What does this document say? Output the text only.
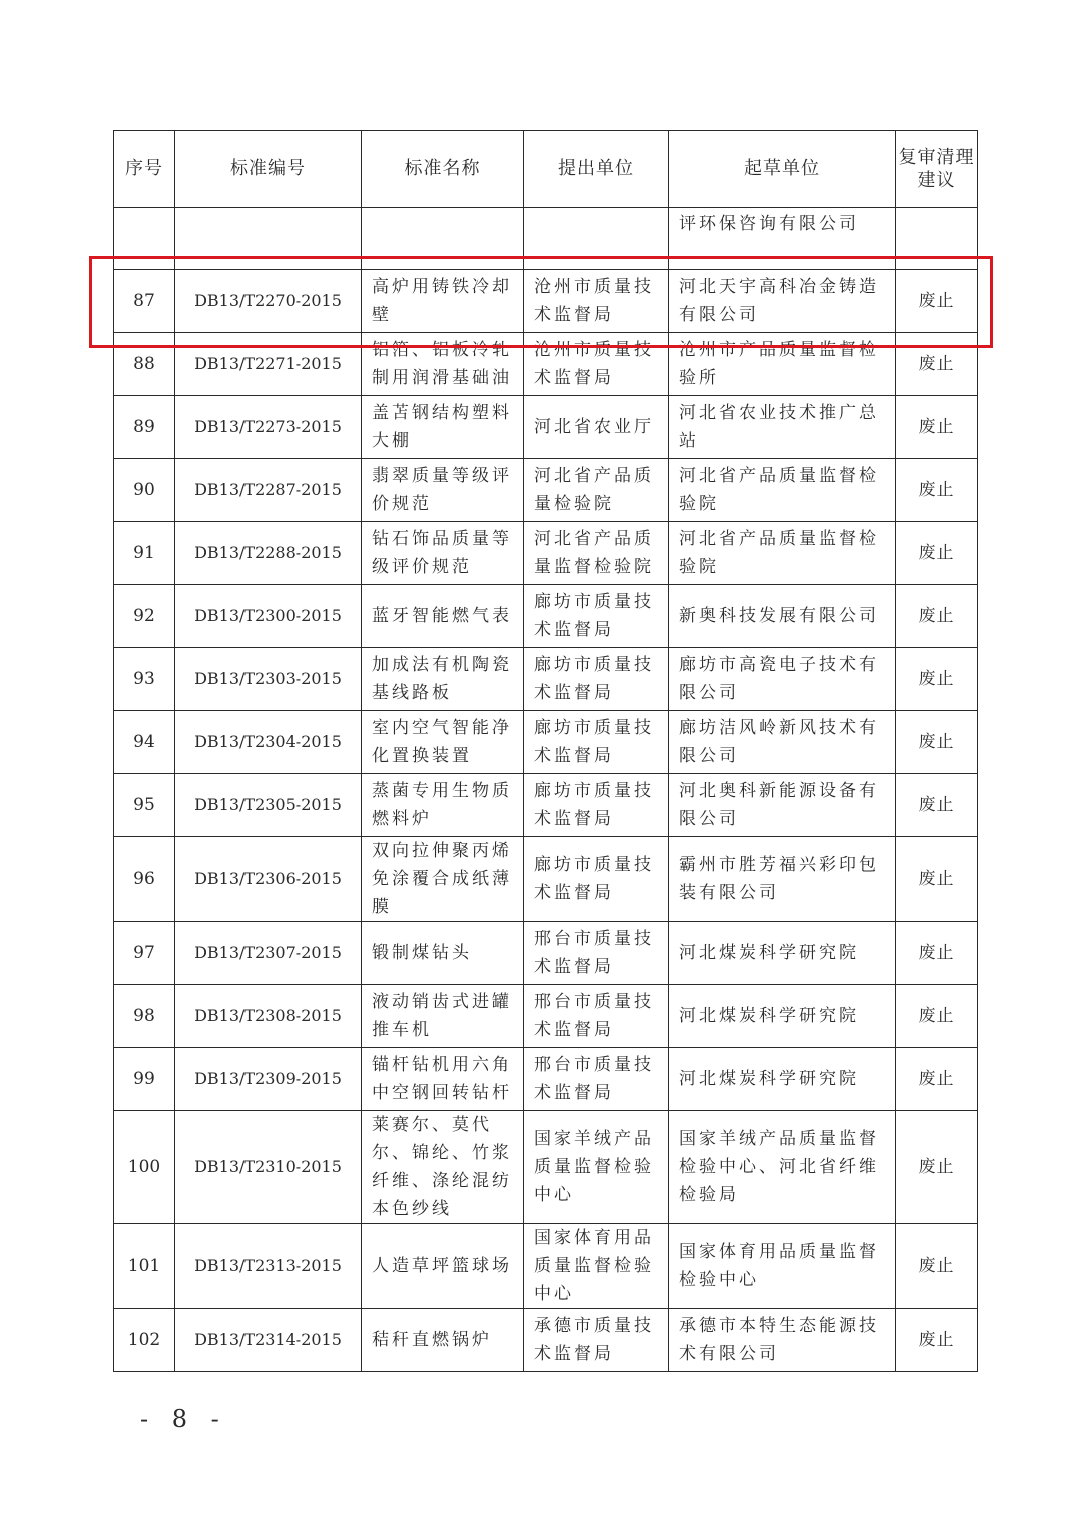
序号	标准编号	标准名称	提出单位	起草单位	复审清理建议
				评环保咨询有限公司	
87	DB13/T2270-2015	高炉用铸铁冷却壁	沧州市质量技术监督局	河北天宇高科冶金铸造有限公司	废止
88	DB13/T2271-2015	铝箔、铝板冷轧制用润滑基础油	沧州市质量技术监督局	沧州市产品质量监督检验所	废止
89	DB13/T2273-2015	盖苫钢结构塑料大棚	河北省农业厅	河北省农业技术推广总站	废止
90	DB13/T2287-2015	翡翠质量等级评价规范	河北省产品质量检验院	河北省产品质量监督检验院	废止
91	DB13/T2288-2015	钻石饰品质量等级评价规范	河北省产品质量监督检验院	河北省产品质量监督检验院	废止
92	DB13/T2300-2015	蓝牙智能燃气表	廊坊市质量技术监督局	新奥科技发展有限公司	废止
93	DB13/T2303-2015	加成法有机陶瓷基线路板	廊坊市质量技术监督局	廊坊市高瓷电子技术有限公司	废止
94	DB13/T2304-2015	室内空气智能净化置换装置	廊坊市质量技术监督局	廊坊洁风岭新风技术有限公司	废止
95	DB13/T2305-2015	蒸菌专用生物质燃料炉	廊坊市质量技术监督局	河北奥科新能源设备有限公司	废止
96	DB13/T2306-2015	双向拉伸聚丙烯免涂覆合成纸薄膜	廊坊市质量技术监督局	霸州市胜芳福兴彩印包装有限公司	废止
97	DB13/T2307-2015	锻制煤钻头	邢台市质量技术监督局	河北煤炭科学研究院	废止
98	DB13/T2308-2015	液动销齿式进罐推车机	邢台市质量技术监督局	河北煤炭科学研究院	废止
99	DB13/T2309-2015	锚杆钻机用六角中空钢回转钻杆	邢台市质量技术监督局	河北煤炭科学研究院	废止
100	DB13/T2310-2015	莱赛尔、莫代尔、锦纶、竹浆纤维、涤纶混纺本色纱线	国家羊绒产品质量监督检验中心	国家羊绒产品质量监督检验中心、河北省纤维检验局	废止
101	DB13/T2313-2015	人造草坪篮球场	国家体育用品质量监督检验中心	国家体育用品质量监督检验中心	废止
102	DB13/T2314-2015	秸秆直燃锅炉	承德市质量技术监督局	承德市本特生态能源技术有限公司	废止
- 8 -
